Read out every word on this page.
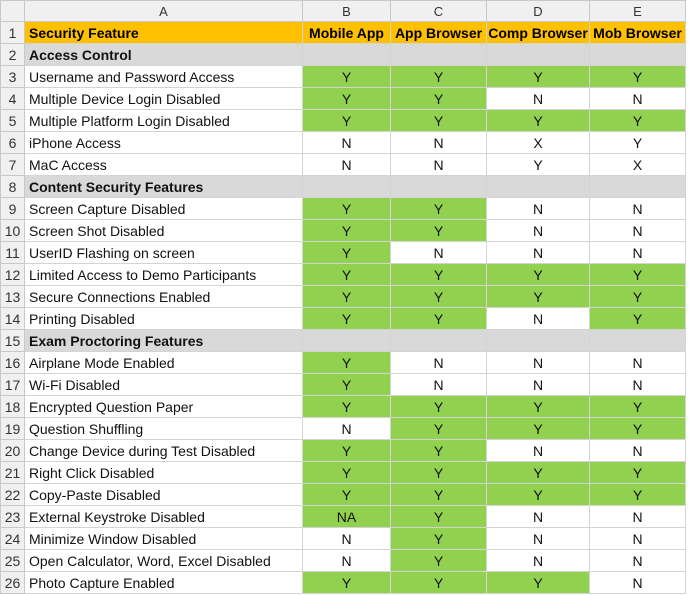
	A	B	C	D	E
1	Security Feature	Mobile App	App Browser	Comp Browser	Mob Browser
2	Access Control				
3	Username and Password Access	Y	Y	Y	Y
4	Multiple Device Login Disabled	Y	Y	N	N
5	Multiple Platform Login Disabled	Y	Y	Y	Y
6	iPhone Access	N	N	X	Y
7	MaC Access	N	N	Y	X
8	Content Security Features				
9	Screen Capture Disabled	Y	Y	N	N
10	Screen Shot Disabled	Y	Y	N	N
11	UserID Flashing on screen	Y	N	N	N
12	Limited Access to Demo Participants	Y	Y	Y	Y
13	Secure Connections Enabled	Y	Y	Y	Y
14	Printing Disabled	Y	Y	N	Y
15	Exam Proctoring Features				
16	Airplane Mode Enabled	Y	N	N	N
17	Wi-Fi Disabled	Y	N	N	N
18	Encrypted Question Paper	Y	Y	Y	Y
19	Question Shuffling	N	Y	Y	Y
20	Change Device during Test Disabled	Y	Y	N	N
21	Right Click Disabled	Y	Y	Y	Y
22	Copy-Paste Disabled	Y	Y	Y	Y
23	External Keystroke Disabled	NA	Y	N	N
24	Minimize Window Disabled	N	Y	N	N
25	Open Calculator, Word, Excel Disabled	N	Y	N	N
26	Photo Capture Enabled	Y	Y	Y	N
